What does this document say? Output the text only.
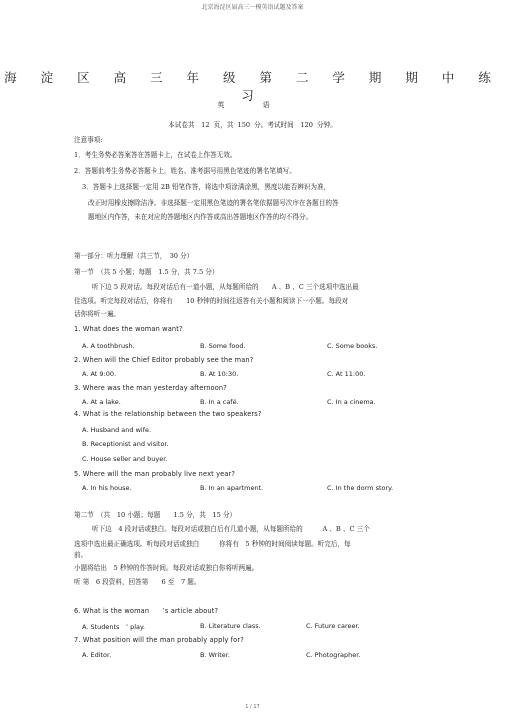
北京海淀区届高三一模英语试题及答案
海 淀 区 高 三 年 级 第 二 学 期 期 中 练 习
英 语
本试卷共　12 页，共 150 分。考试时间　120 分钟。
注意事项:
1．考生务势必答案答在答题卡上，在试卷上作答无效。
2．答题前考生务势必答题卡上，姓名、准考据号用黑色笔迹的署名笔填写。
3．答题卡上选择题一定用 2B 铅笔作答，将选中项涂满涂黑，黑度以能否辨识为准，
改正时用橡皮擦除洁净。非选择题一定用黑色笔迹的署名笔依据题号次序在各题目的答
题地区内作答，未在对应的答题地区内作答或高出答题地区作答的均不得分。
第一部分：听力理解（共三节，　30 分）
第一节　（共 5 小题；每题　1.5 分，共 7.5 分）
听下边 5 段对话。每段对话后有一道小题，从每题所给的　　A 、B 、C 三个选项中选出最
佳选项。听完每段对话后，你将有　　10 秒钟的时间往返答有关小题和阅读下一小题。每段对
话你将听一遍。
1. What does the woman want?
A. A toothbrush.	B. Some food.	C. Some books.
2. When will the Chief Editor probably see the man?
A. At 9:00.	B. At 10:30.	C. At 11:00.
3. Where was the man yesterday afternoon?
A. At a lake.	B. In a café.	C. In a cinema.
4. What is the relationship between the two speakers?
A. Husband and wife.
B. Receptionist and visitor.
C. House seller and buyer.
5. Where will the man probably live next year?
A. In his house.	B. In an apartment.	C. In the dorm story.
第二节　（共　10 小题；每题　　1.5 分，共　15 分）
听下边　4 段对话或独白。每段对话或独白后有几道小题，从每题所给的　　　A 、B 、C 三个
选项中选出最正确选项。听每段对话或独白　　　你将有　5 秒钟的时间阅读每题。听完后，每
前。
小题将给出　5 秒钟的作答时间。每段对话或独白你将听两遍。
听 第　6 段资料，回答第　　6 至　7 题。
6. What is the woman　　’s article about?
A. Students　’ play.	B. Literature class.	C. Future career.
7. What position will the man probably apply for?
A. Editor.	B. Writer.	C. Photographer.
1 / 17
